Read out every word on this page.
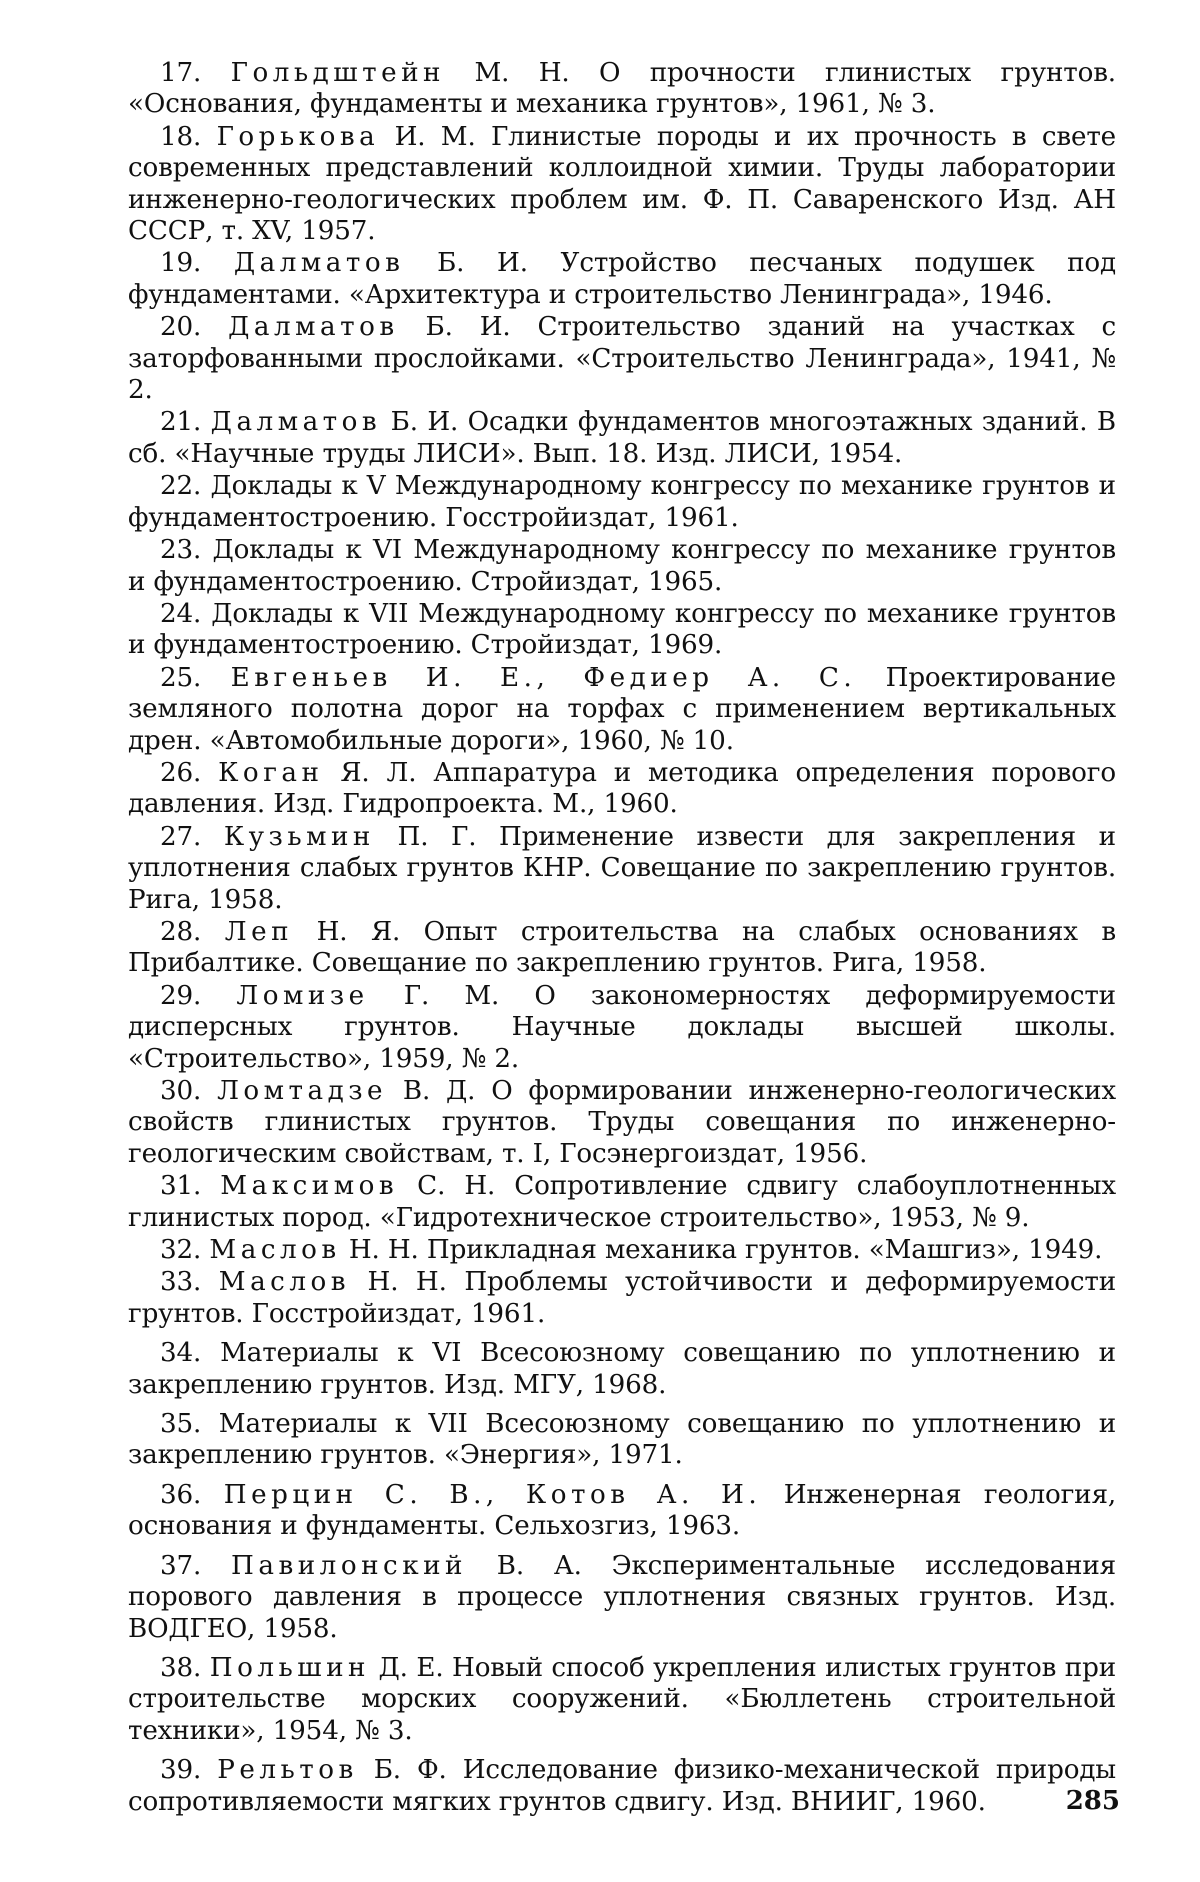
17. Гольдштейн М. Н. О прочности глинистых грунтов. «Основания, фундаменты и механика грунтов», 1961, № 3.

18. Горькова И. М. Глинистые породы и их прочность в свете современных представлений коллоидной химии. Труды лаборатории инженерно-геологических проблем им. Ф. П. Саваренского Изд. АН СССР, т. XV, 1957.

19. Далматов Б. И. Устройство песчаных подушек под фундаментами. «Архитектура и строительство Ленинграда», 1946.

20. Далматов Б. И. Строительство зданий на участках с заторфованными прослойками. «Строительство Ленинграда», 1941, № 2.

21. Далматов Б. И. Осадки фундаментов многоэтажных зданий. В сб. «Научные труды ЛИСИ». Вып. 18. Изд. ЛИСИ, 1954.

22. Доклады к V Международному конгрессу по механике грунтов и фундаментостроению. Госстройиздат, 1961.

23. Доклады к VI Международному конгрессу по механике грунтов и фундаментостроению. Стройиздат, 1965.

24. Доклады к VII Международному конгрессу по механике грунтов и фундаментостроению. Стройиздат, 1969.

25. Евгеньев И. Е., Федиер А. С. Проектирование земляного полотна дорог на торфах с применением вертикальных дрен. «Автомобильные дороги», 1960, № 10.

26. Коган Я. Л. Аппаратура и методика определения порового давления. Изд. Гидропроекта. М., 1960.

27. Кузьмин П. Г. Применение извести для закрепления и уплотнения слабых грунтов КНР. Совещание по закреплению грунтов. Рига, 1958.

28. Леп Н. Я. Опыт строительства на слабых основаниях в Прибалтике. Совещание по закреплению грунтов. Рига, 1958.

29. Ломизе Г. М. О закономерностях деформируемости дисперсных грунтов. Научные доклады высшей школы. «Строительство», 1959, № 2.

30. Ломтадзе В. Д. О формировании инженерно-геологических свойств глинистых грунтов. Труды совещания по инженерно-геологическим свойствам, т. I, Госэнергоиздат, 1956.

31. Максимов С. Н. Сопротивление сдвигу слабоуплотненных глинистых пород. «Гидротехническое строительство», 1953, № 9.

32. Маслов Н. Н. Прикладная механика грунтов. «Машгиз», 1949.

33. Маслов Н. Н. Проблемы устойчивости и деформируемости грунтов. Госстройиздат, 1961.

34. Материалы к VI Всесоюзному совещанию по уплотнению и закреплению грунтов. Изд. МГУ, 1968.

35. Материалы к VII Всесоюзному совещанию по уплотнению и закреплению грунтов. «Энергия», 1971.

36. Перцин С. В., Котов А. И. Инженерная геология, основания и фундаменты. Сельхозгиз, 1963.

37. Павилонский В. А. Экспериментальные исследования порового давления в процессе уплотнения связных грунтов. Изд. ВОДГЕО, 1958.

38. Польшин Д. Е. Новый способ укрепления илистых грунтов при строительстве морских сооружений. «Бюллетень строительной техники», 1954, № 3.

39. Рельтов Б. Ф. Исследование физико-механической природы сопротивляемости мягких грунтов сдвигу. Изд. ВНИИГ, 1960.	285
